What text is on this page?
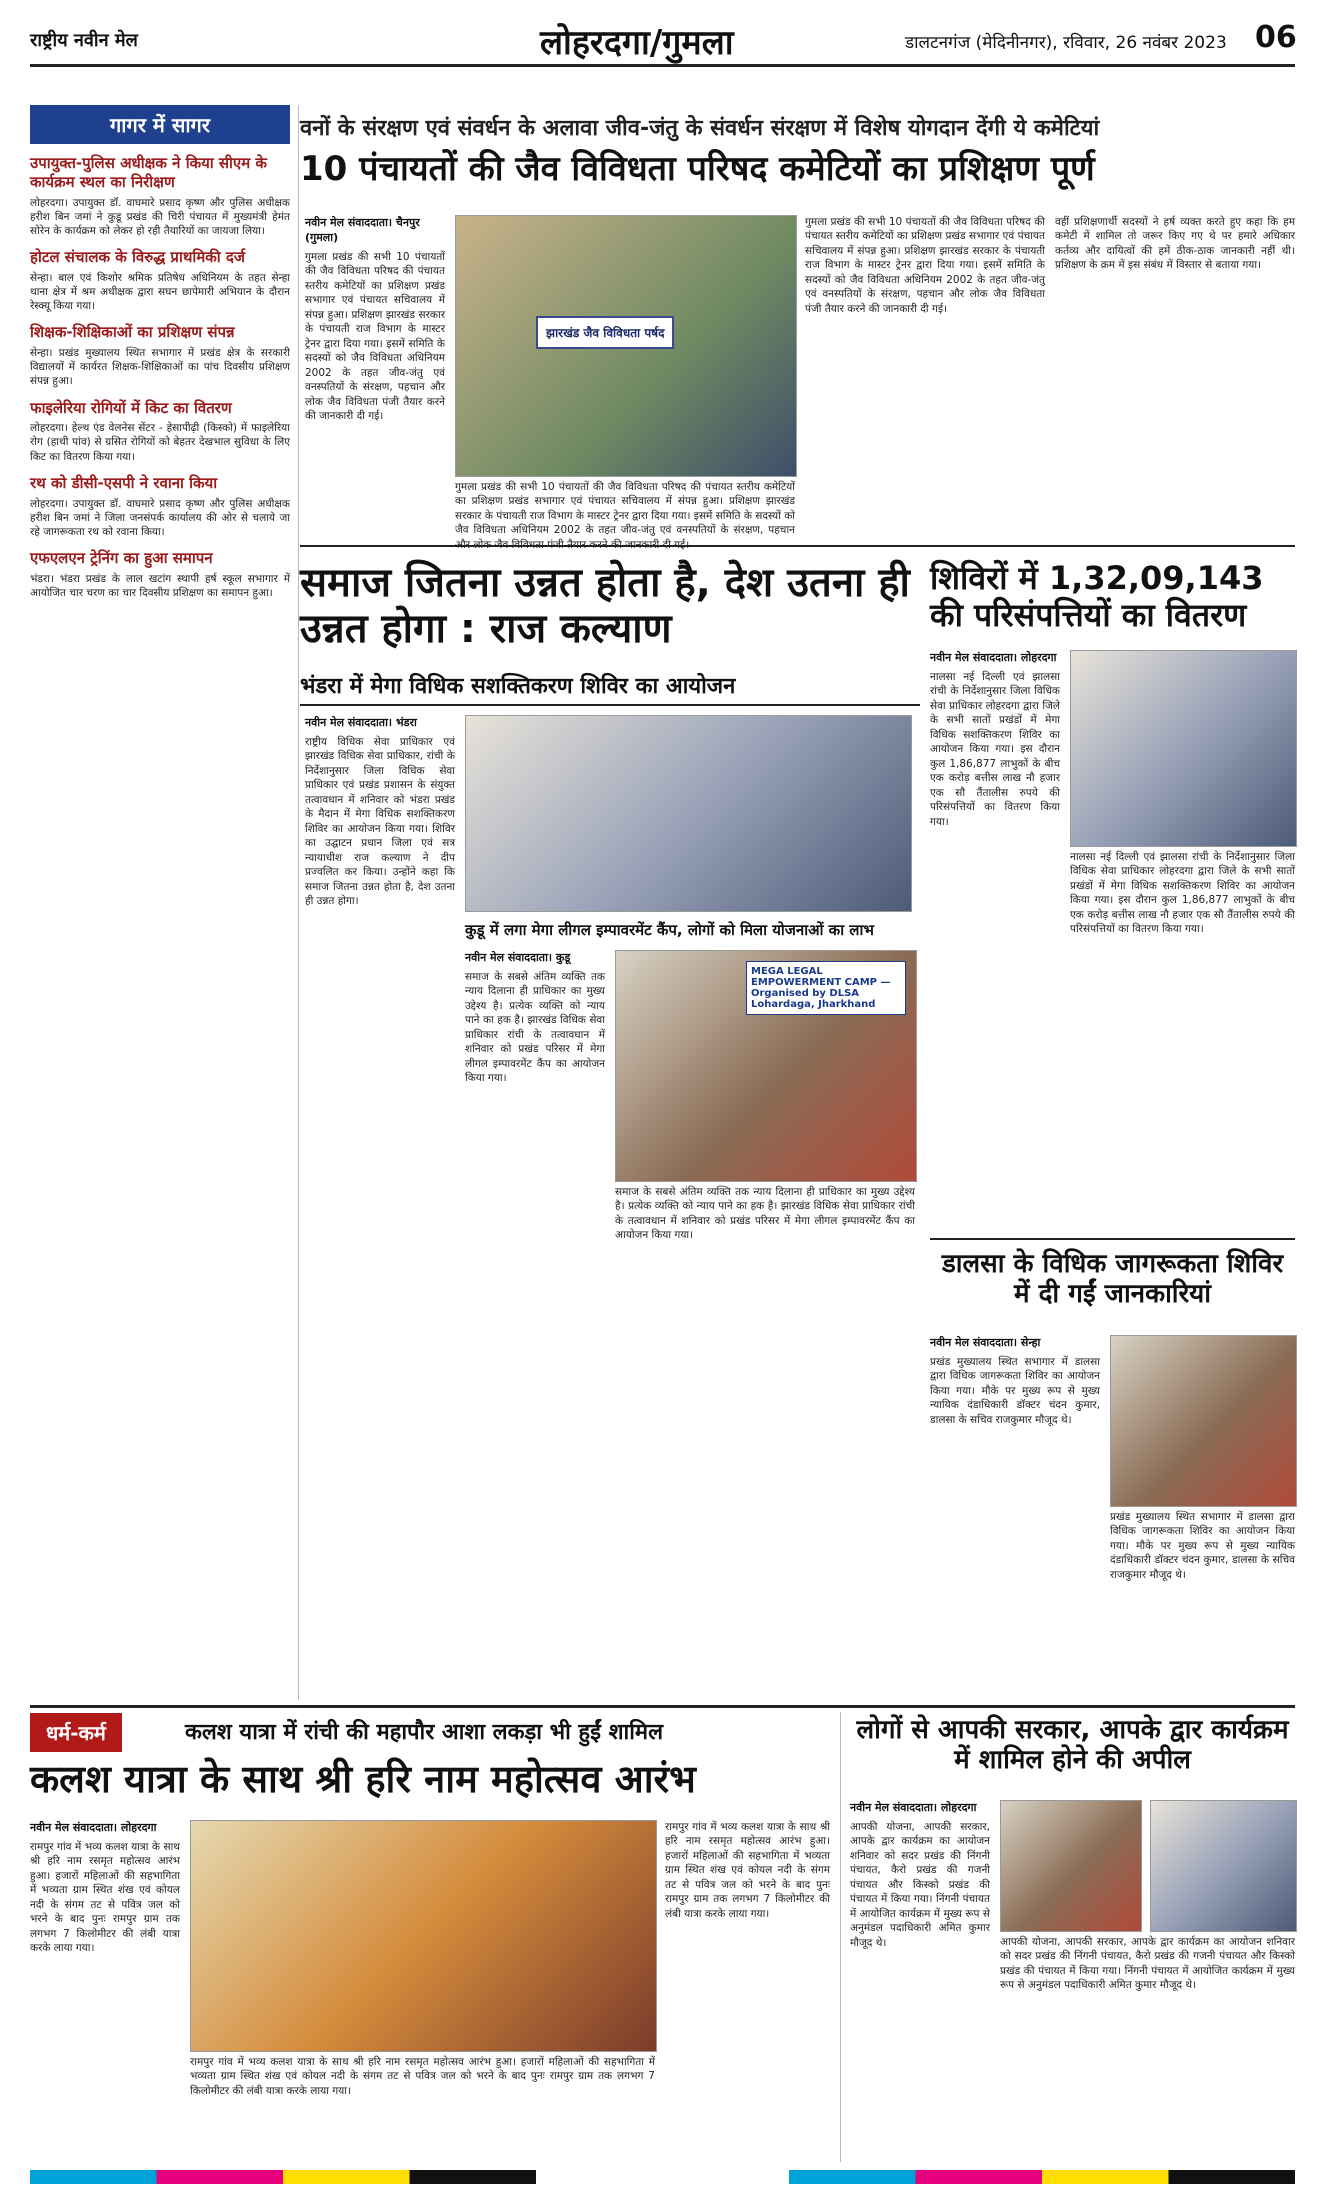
राष्ट्रीय नवीन मेल	लोहरदगा/गुमला	डालटनगंज (मेदिनीनगर), रविवार, 26 नवंबर 2023 06
गागर में सागर
उपायुक्त-पुलिस अधीक्षक ने किया सीएम के कार्यक्रम स्थल का निरीक्षण
लोहरदगा। उपायुक्त डॉ. वाघमारे प्रसाद कृष्ण और पुलिस अधीक्षक हरीश बिन जमां ने कुडू प्रखंड की चिरी पंचायत में मुख्यमंत्री हेमंत सोरेन के कार्यक्रम को लेकर हो रही तैयारियों का जायजा लिया।
होटल संचालक के विरुद्ध प्राथमिकी दर्ज
सेन्हा। बाल एवं किशोर श्रमिक प्रतिषेध अधिनियम के तहत सेन्हा थाना क्षेत्र में श्रम अधीक्षक द्वारा सघन छापेमारी अभियान के दौरान रेस्क्यू किया गया।
शिक्षक-शिक्षिकाओं का प्रशिक्षण संपन्न
सेन्हा। प्रखंड मुख्यालय स्थित सभागार में प्रखंड क्षेत्र के सरकारी विद्यालयों में कार्यरत शिक्षक-शिक्षिकाओं का पांच दिवसीय प्रशिक्षण संपन्न हुआ।
फाइलेरिया रोगियों में किट का वितरण
लोहरदगा। हेल्थ एंड वेलनेस सेंटर - हेसापीढ़ी (किस्को) में फाइलेरिया रोग (हाथी पांव) से ग्रसित रोगियों को बेहतर देखभाल सुविधा के लिए किट का वितरण किया गया।
रथ को डीसी-एसपी ने रवाना किया
लोहरदगा। उपायुक्त डॉ. वाघमारे प्रसाद कृष्ण और पुलिस अधीक्षक हरीश बिन जमां ने जिला जनसंपर्क कार्यालय की ओर से चलाये जा रहे जागरूकता रथ को रवाना किया।
एफएलएन ट्रेनिंग का हुआ समापन
भंडरा। भंडरा प्रखंड के लाल खटांग स्थापी हर्ष स्कूल सभागार में आयोजित चार चरण का चार दिवसीय प्रशिक्षण का समापन हुआ।
वनों के संरक्षण एवं संवर्धन के अलावा जीव-जंतु के संवर्धन संरक्षण में विशेष योगदान देंगी ये कमेटियां
10 पंचायतों की जैव विविधता परिषद कमेटियों का प्रशिक्षण पूर्ण
नवीन मेल संवाददाता। चैनपुर (गुमला)
गुमला प्रखंड की सभी 10 पंचायतों की जैव विविधता परिषद की पंचायत स्तरीय कमेटियों का प्रशिक्षण प्रखंड सभागार एवं पंचायत सचिवालय में संपन्न हुआ। प्रशिक्षण झारखंड सरकार के पंचायती राज विभाग के मास्टर ट्रेनर द्वारा दिया गया। इसमें समिति के सदस्यों को जैव विविधता अधिनियम 2002 के तहत जीव-जंतु एवं वनस्पतियों के संरक्षण, पहचान और लोक जैव विविधता पंजी तैयार करने की जानकारी दी गई।
झारखंड जैव विविधता पर्षद
गुमला प्रखंड की सभी 10 पंचायतों की जैव विविधता परिषद की पंचायत स्तरीय कमेटियों का प्रशिक्षण प्रखंड सभागार एवं पंचायत सचिवालय में संपन्न हुआ। प्रशिक्षण झारखंड सरकार के पंचायती राज विभाग के मास्टर ट्रेनर द्वारा दिया गया। इसमें समिति के सदस्यों को जैव विविधता अधिनियम 2002 के तहत जीव-जंतु एवं वनस्पतियों के संरक्षण, पहचान
गुमला प्रखंड की सभी 10 पंचायतों की जैव विविधता परिषद की पंचायत स्तरीय कमेटियों का प्रशिक्षण प्रखंड सभागार एवं पंचायत सचिवालय में संपन्न हुआ। प्रशिक्षण झारखंड सरकार के पंचायती राज विभाग के मास्टर ट्रेनर द्वारा दिया गया। इसमें समिति के सदस्यों को जैव विविधता अधिनियम 2002 के तहत जीव-जंतु एवं वनस्पतियों के संरक्षण, पहचान और लोक जैव विविधता पंजी तैयार करने की जानकारी दी गई।
वहीं प्रशिक्षणार्थी सदस्यों ने हर्ष व्यक्त करते हुए कहा कि हम कमेटी में शामिल तो जरूर किए गए थे पर हमारे अधिकार कर्तव्य और दायित्वों की हमें ठीक-ठाक जानकारी नहीं थी। प्रशिक्षण के क्रम में इस संबंध में विस्तार से बताया गया।
समाज जितना उन्नत होता है, देश उतना ही उन्नत होगा : राज कल्याण
भंडरा में मेगा विधिक सशक्तिकरण शिविर का आयोजन
नवीन मेल संवाददाता। भंडरा
राष्ट्रीय विधिक सेवा प्राधिकार एवं झारखंड विधिक सेवा प्राधिकार, रांची के निर्देशानुसार जिला विधिक सेवा प्राधिकार एवं प्रखंड प्रशासन के संयुक्त तत्वावधान में शनिवार को भंडरा प्रखंड के मैदान में मेगा विधिक सशक्तिकरण शिविर का आयोजन किया गया। शिविर का उद्घाटन प्रधान जिला एवं सत्र न्यायाधीश राज कल्याण ने दीप प्रज्वलित कर किया। उन्होंने कहा कि समाज जितना उन्नत होता है, देश उतना ही उन्नत होगा।
कुडू में लगा मेगा लीगल इम्पावरमेंट कैंप, लोगों को मिला योजनाओं का लाभ
नवीन मेल संवाददाता। कुडू
समाज के सबसे अंतिम व्यक्ति तक न्याय दिलाना ही प्राधिकार का मुख्य उद्देश्य है। प्रत्येक व्यक्ति को न्याय पाने का हक है। झारखंड विधिक सेवा प्राधिकार रांची के तत्वावधान में शनिवार को प्रखंड परिसर में मेगा लीगल इम्पावरमेंट कैंप का आयोजन किया गया।
MEGA LEGAL EMPOWERMENT CAMP — Organised by DLSA Lohardaga, Jharkhand
समाज के सबसे अंतिम व्यक्ति तक न्याय दिलाना ही प्राधिकार का मुख्य उद्देश्य है। प्रत्येक व्यक्ति को न्याय पाने का हक है। झारखंड विधिक सेवा प्राधिकार रांची के तत्वावधान में शनिवार को प्रखंड परिसर में मेगा लीगल इम्पावरमेंट कैंप का आयोजन किया गया।
शिविरों में 1,32,09,143 की परिसंपत्तियों का वितरण
नवीन मेल संवाददाता। लोहरदगा
नालसा नई दिल्ली एवं झालसा रांची के निर्देशानुसार जिला विधिक सेवा प्राधिकार लोहरदगा द्वारा जिले के सभी सातों प्रखंडों में मेगा विधिक सशक्तिकरण शिविर का आयोजन किया गया। इस दौरान कुल 1,86,877 लाभुकों के बीच एक करोड़ बत्तीस लाख नौ हजार एक सौ तैंतालीस रुपये की परिसंपत्तियों का वितरण किया गया।
नालसा नई दिल्ली एवं झालसा रांची के निर्देशानुसार जिला विधिक सेवा प्राधिकार लोहरदगा द्वारा जिले के सभी सातों प्रखंडों में मेगा विधिक सशक्तिकरण शिविर का आयोजन किया गया। इस दौरान कुल 1,86,877 लाभुकों के बीच एक करोड़ बत्तीस लाख नौ हजार एक सौ तैंतालीस रुपये की परिसंपत्तियों का वितरण किया गया।
डालसा के विधिक जागरूकता शिविर में दी गईं जानकारियां
नवीन मेल संवाददाता। सेन्हा
प्रखंड मुख्यालय स्थित सभागार में डालसा द्वारा विधिक जागरूकता शिविर का आयोजन किया गया। मौके पर मुख्य रूप से मुख्य न्यायिक दंडाधिकारी डॉक्टर चंदन कुमार, डालसा के सचिव राजकुमार मौजूद थे।
प्रखंड मुख्यालय स्थित सभागार में डालसा द्वारा विधिक जागरूकता शिविर का आयोजन किया गया। मौके पर मुख्य रूप से मुख्य न्यायिक दंडाधिकारी डॉक्टर चंदन कुमार, डालसा के सचिव राजकुमार मौजूद थे।
धर्म-कर्म	कलश यात्रा में रांची की महापौर आशा लकड़ा भी हुईं शामिल
कलश यात्रा के साथ श्री हरि नाम महोत्सव आरंभ
नवीन मेल संवाददाता। लोहरदगा
रामपुर गांव में भव्य कलश यात्रा के साथ श्री हरि नाम रसमृत महोत्सव आरंभ हुआ। हजारों महिलाओं की सहभागिता में भव्यता ग्राम स्थित शंख एवं कोयल नदी के संगम तट से पवित्र जल को भरने के बाद पुनः रामपुर ग्राम तक लगभग 7 किलोमीटर की लंबी यात्रा करके लाया गया।
रामपुर गांव में भव्य कलश यात्रा के साथ श्री हरि नाम रसमृत महोत्सव आरंभ हुआ। हजारों महिलाओं की सहभागिता में भव्यता ग्राम स्थित शंख एवं कोयल नदी के संगम तट से पवित्र जल को भरने के बाद पुनः रामपुर ग्राम तक लगभग 7 किलोमीटर की लंबी यात्रा करके लाया गया।
रामपुर गांव में भव्य कलश यात्रा के साथ श्री हरि नाम रसमृत महोत्सव आरंभ हुआ। हजारों महिलाओं की सहभागिता में भव्यता ग्राम स्थित शंख एवं कोयल नदी के संगम तट से पवित्र जल को भरने के बाद पुनः रामपुर ग्राम तक लगभग 7 किलोमीटर की लंबी यात्रा करके लाया गया।
लोगों से आपकी सरकार, आपके द्वार कार्यक्रम में शामिल होने की अपील
नवीन मेल संवाददाता। लोहरदगा
आपकी योजना, आपकी सरकार, आपके द्वार कार्यक्रम का आयोजन शनिवार को सदर प्रखंड की निंगनी पंचायत, कैरो प्रखंड की गजनी पंचायत और किस्को प्रखंड की पंचायत में किया गया। निंगनी पंचायत में आयोजित कार्यक्रम में मुख्य रूप से अनुमंडल पदाधिकारी अमित कुमार मौजूद थे।	आपकी योजना, आपकी सरकार, आपके द्वार कार्यक्रम का आयोजन शनिवार को सदर प्रखंड की निंगनी पंचायत, कैरो प्रखंड की गजनी पंचायत और किस्को प्रखंड की पंचायत में किया गया। निंगनी पंचायत में आयोजित कार्यक्रम में मुख्य रूप से अनुमंडल पदाधिकारी अमित कुमार मौजूद थे।
